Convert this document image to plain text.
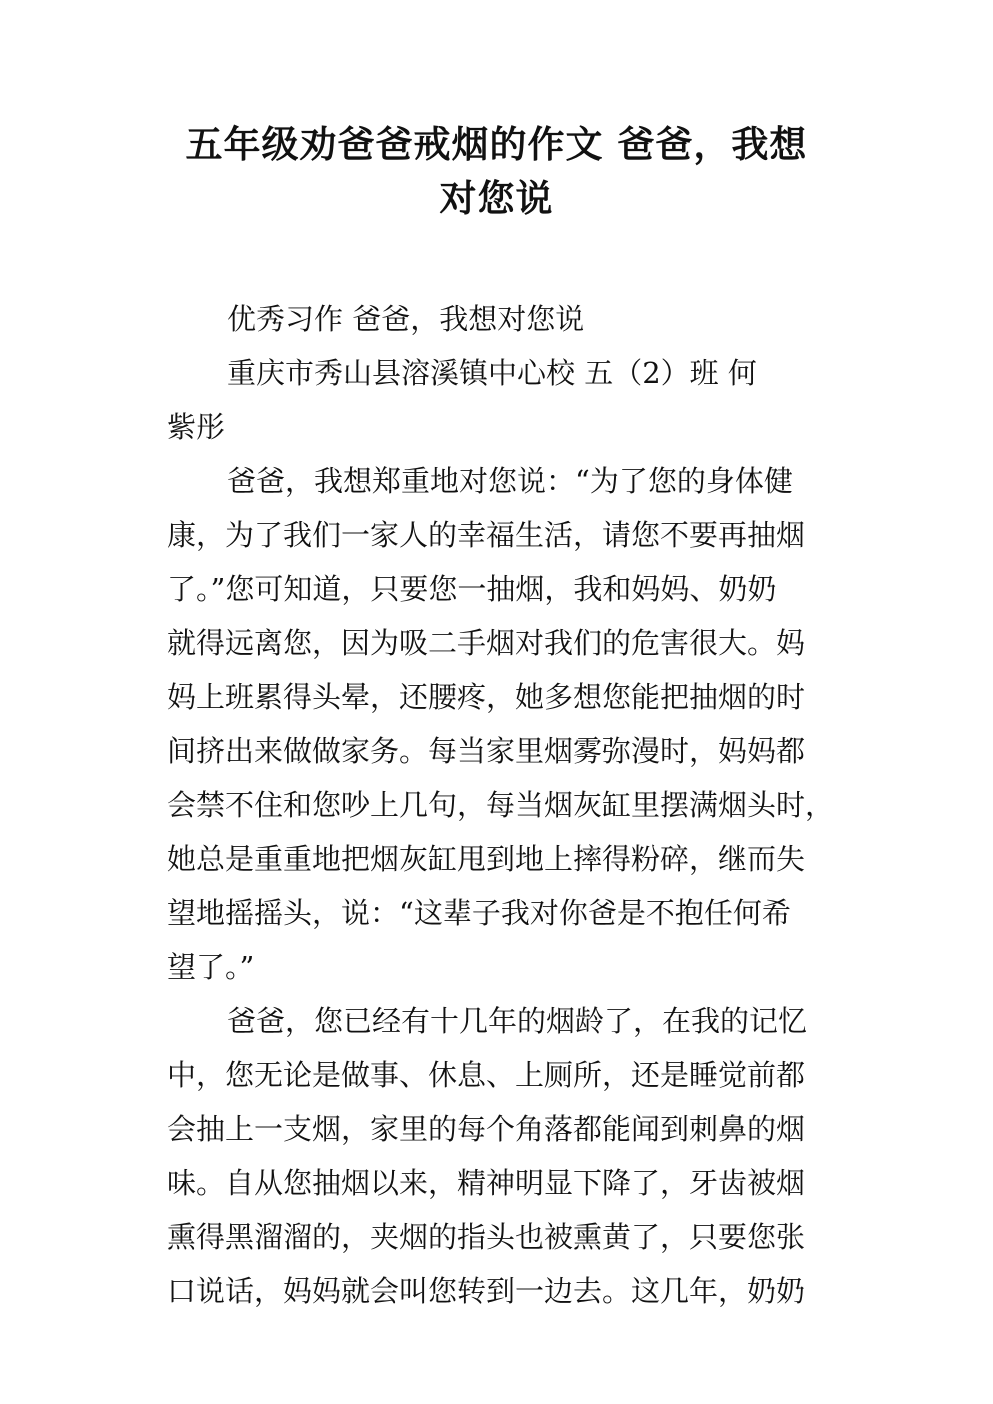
五年级劝爸爸戒烟的作文 爸爸，我想
对您说
优秀习作 爸爸，我想对您说
重庆市秀山县溶溪镇中心校 五（2）班 何
紫彤
爸爸，我想郑重地对您说：“为了您的身体健
康，为了我们一家人的幸福生活，请您不要再抽烟
了。”您可知道，只要您一抽烟，我和妈妈、奶奶
就得远离您，因为吸二手烟对我们的危害很大。妈
妈上班累得头晕，还腰疼，她多想您能把抽烟的时
间挤出来做做家务。每当家里烟雾弥漫时，妈妈都
会禁不住和您吵上几句，每当烟灰缸里摆满烟头时，
她总是重重地把烟灰缸甩到地上摔得粉碎，继而失
望地摇摇头，说：“这辈子我对你爸是不抱任何希
望了。”
爸爸，您已经有十几年的烟龄了，在我的记忆
中，您无论是做事、休息、上厕所，还是睡觉前都
会抽上一支烟，家里的每个角落都能闻到刺鼻的烟
味。自从您抽烟以来，精神明显下降了，牙齿被烟
熏得黑溜溜的，夹烟的指头也被熏黄了，只要您张
口说话，妈妈就会叫您转到一边去。这几年，奶奶
